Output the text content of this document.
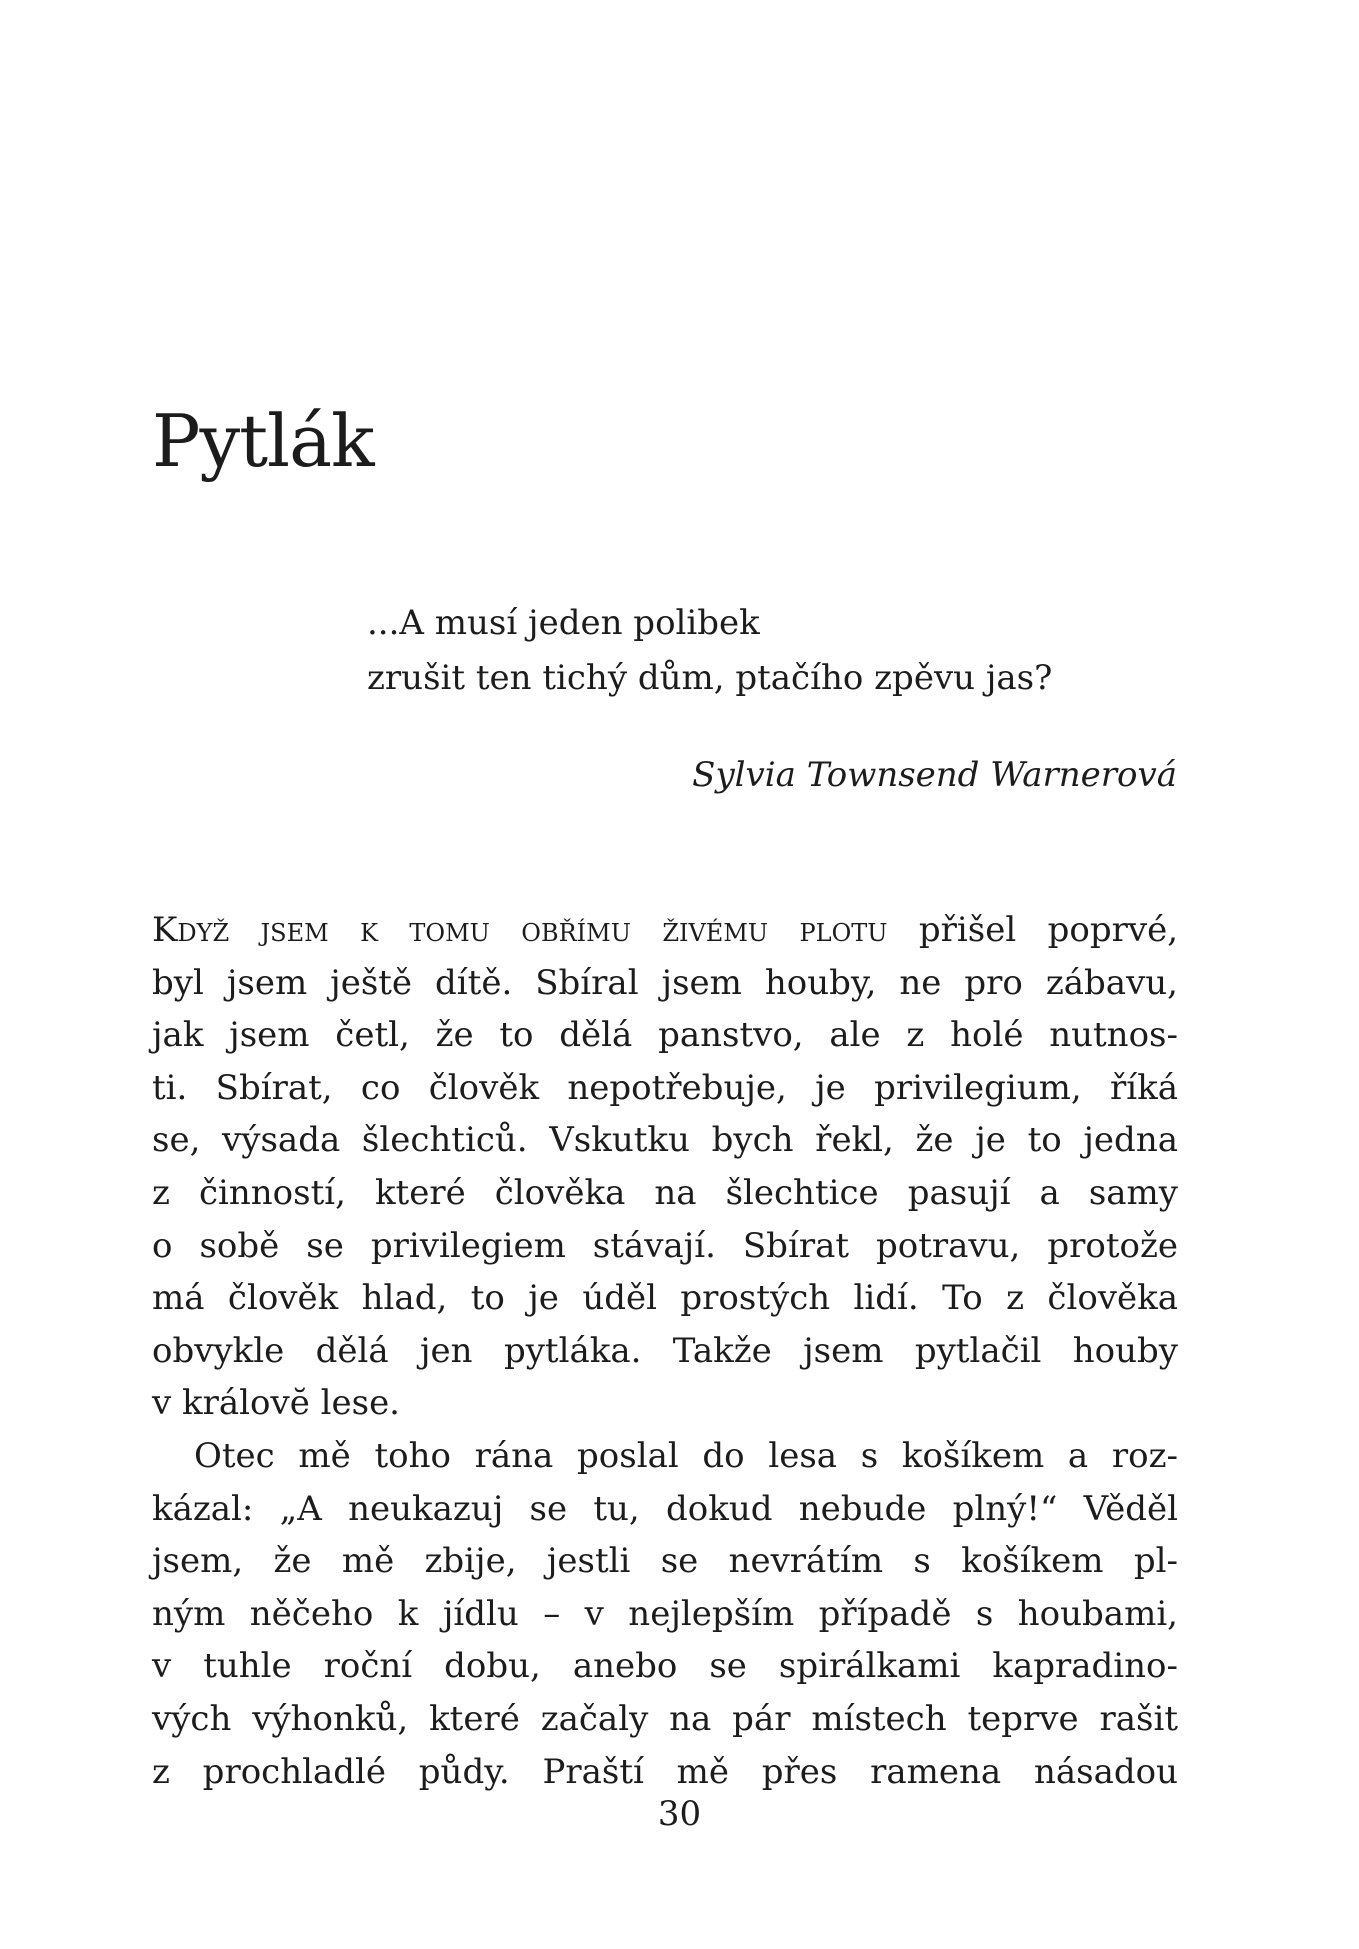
Pytlák
...A musí jeden polibek
zrušit ten tichý dům, ptačího zpěvu jas?
Sylvia Townsend Warnerová
Když jsem k tomu obřímu živému plotu přišel poprvé,
byl jsem ještě dítě. Sbíral jsem houby, ne pro zábavu,
jak jsem četl, že to dělá panstvo, ale z holé nutnos-
ti. Sbírat, co člověk nepotřebuje, je privilegium, říká
se, výsada šlechticů. Vskutku bych řekl, že je to jedna
z činností, které člověka na šlechtice pasují a samy
o sobě se privilegiem stávají. Sbírat potravu, protože
má člověk hlad, to je úděl prostých lidí. To z člověka
obvykle dělá jen pytláka. Takže jsem pytlačil houby
v královĕ lese.
Otec mě toho rána poslal do lesa s košíkem a roz-
kázal: „A neukazuj se tu, dokud nebude plný!“ Věděl
jsem, že mě zbije, jestli se nevrátím s košíkem pl-
ným něčeho k jídlu – v nejlepším případě s houbami,
v tuhle roční dobu, anebo se spirálkami kapradino-
vých výhonků, které začaly na pár místech teprve rašit
z prochladlé půdy. Praští mě přes ramena násadou
30
